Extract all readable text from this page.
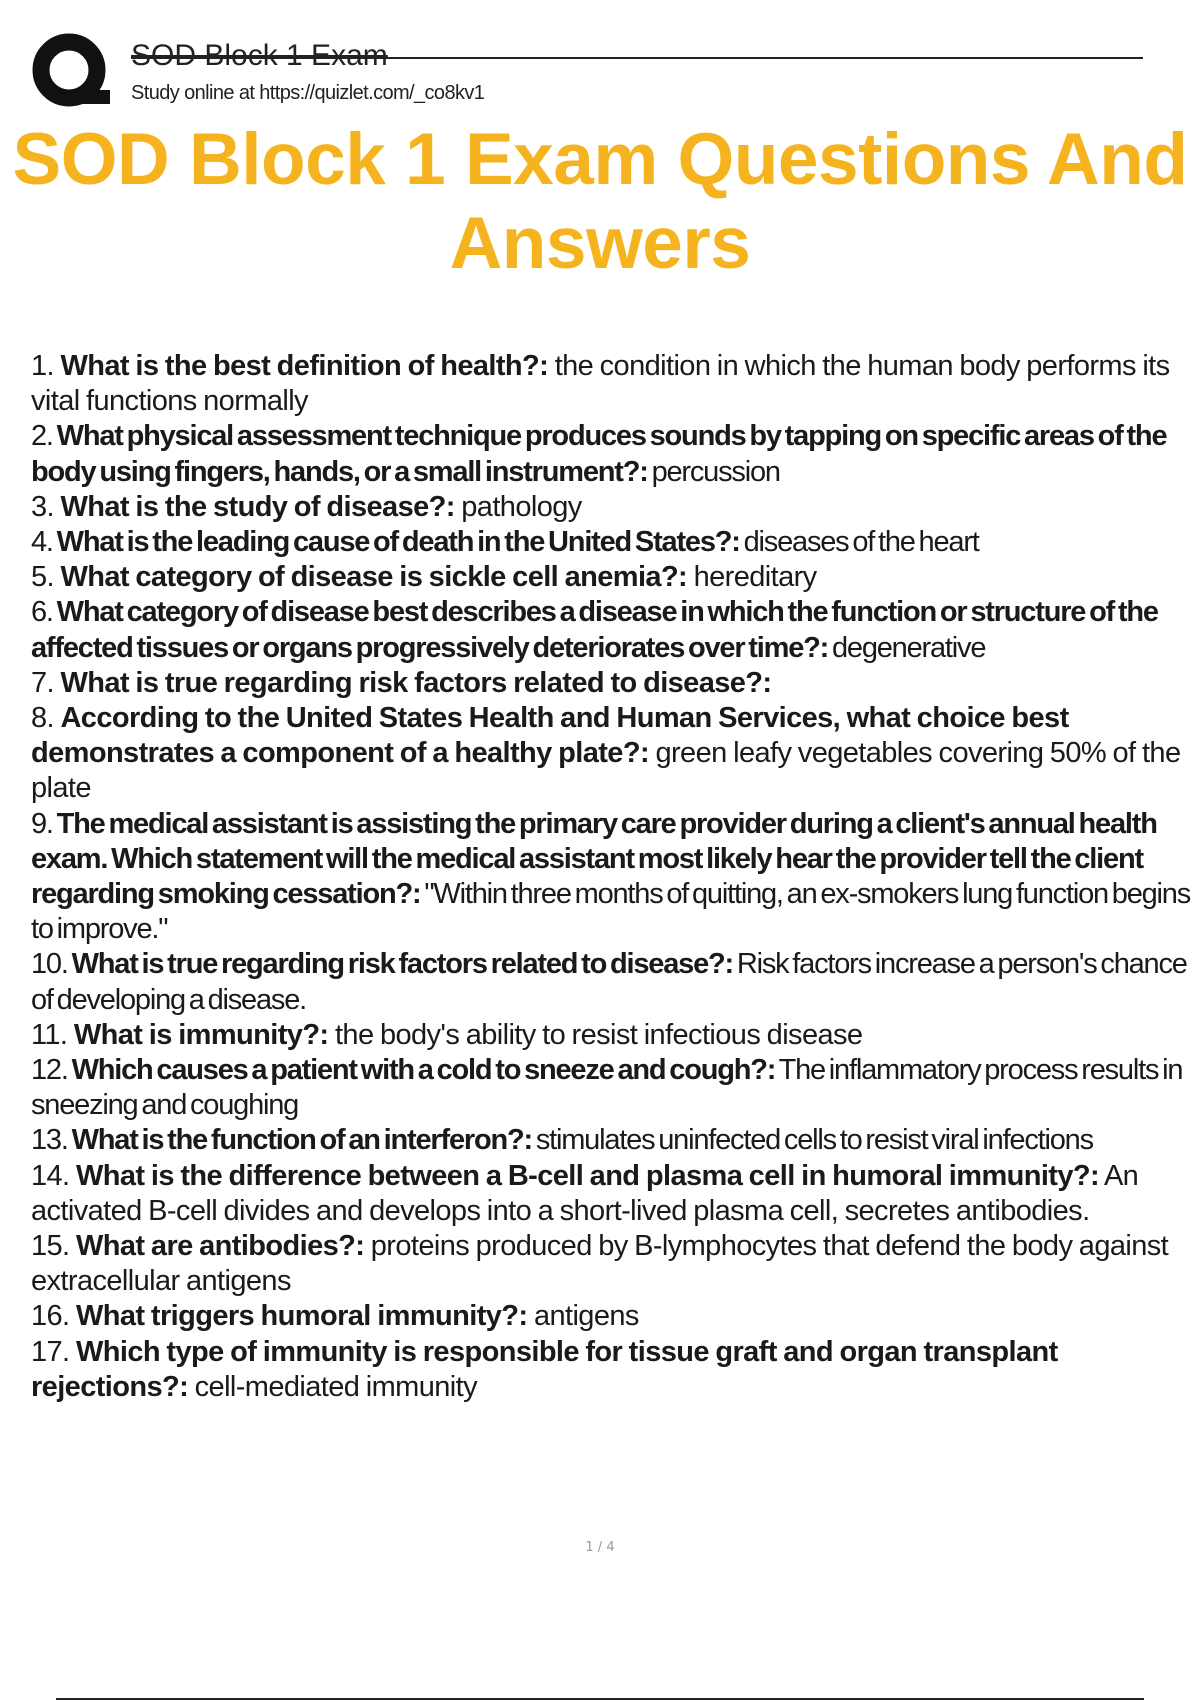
SOD Block 1 Exam
Study online at https://quizlet.com/_co8kv1
SOD Block 1 Exam Questions And Answers
1. What is the best definition of health?: the condition in which the human body performs its vital functions normally
2. What physical assessment technique produces sounds by tapping on specific areas of the body using fingers, hands, or a small instrument?: percussion
3. What is the study of disease?: pathology
4. What is the leading cause of death in the United States?: diseases of the heart
5. What category of disease is sickle cell anemia?: hereditary
6. What category of disease best describes a disease in which the function or structure of the affected tissues or organs progressively deteriorates over time?: degenerative
7. What is true regarding risk factors related to disease?:
8. According to the United States Health and Human Services, what choice best demonstrates a component of a healthy plate?: green leafy vegetables covering 50% of the plate
9. The medical assistant is assisting the primary care provider during a client's annual health exam. Which statement will the medical assistant most likely hear the provider tell the client regarding smoking cessation?: "Within three months of quitting, an ex-smokers lung function begins to improve."
10. What is true regarding risk factors related to disease?: Risk factors increase a person's chance of developing a disease.
11. What is immunity?: the body's ability to resist infectious disease
12. Which causes a patient with a cold to sneeze and cough?: The inflammatory process results in sneezing and coughing
13. What is the function of an interferon?: stimulates uninfected cells to resist viral infections
14. What is the difference between a B-cell and plasma cell in humoral immunity?: An activated B-cell divides and develops into a short-lived plasma cell, secretes antibodies.
15. What are antibodies?: proteins produced by B-lymphocytes that defend the body against extracellular antigens
16. What triggers humoral immunity?: antigens
17. Which type of immunity is responsible for tissue graft and organ transplant rejections?: cell-mediated immunity
1 / 4
